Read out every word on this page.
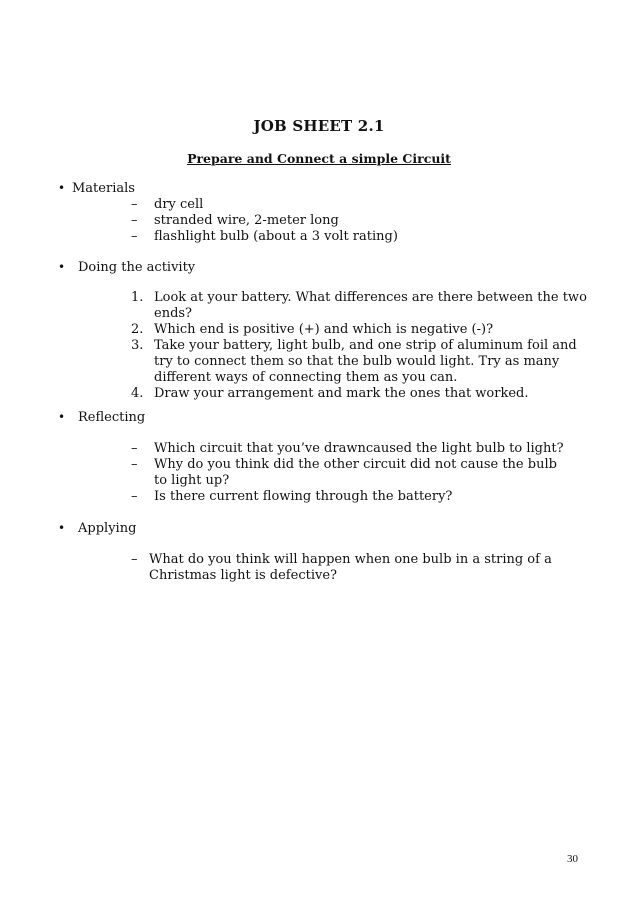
JOB SHEET 2.1
Prepare and Connect a simple Circuit
• Materials
–	dry cell
–	stranded wire, 2-meter long
–	flashlight bulb (about a 3 volt rating)
• Doing the activity
1. Look at your battery. What differences are there between the two ends?
2. Which end is positive (+) and which is negative (-)?
3. Take your battery, light bulb, and one strip of aluminum foil and try to connect them so that the bulb would light. Try as many different ways of connecting them as you can.
4. Draw your arrangement and mark the ones that worked.
• Reflecting
–	Which circuit that you’ve drawncaused the light bulb to light?
–	Why do you think did the other circuit did not cause the bulb to light up?
–	Is there current flowing through the battery?
• Applying
– What do you think will happen when one bulb in a string of a Christmas light is defective?
30
